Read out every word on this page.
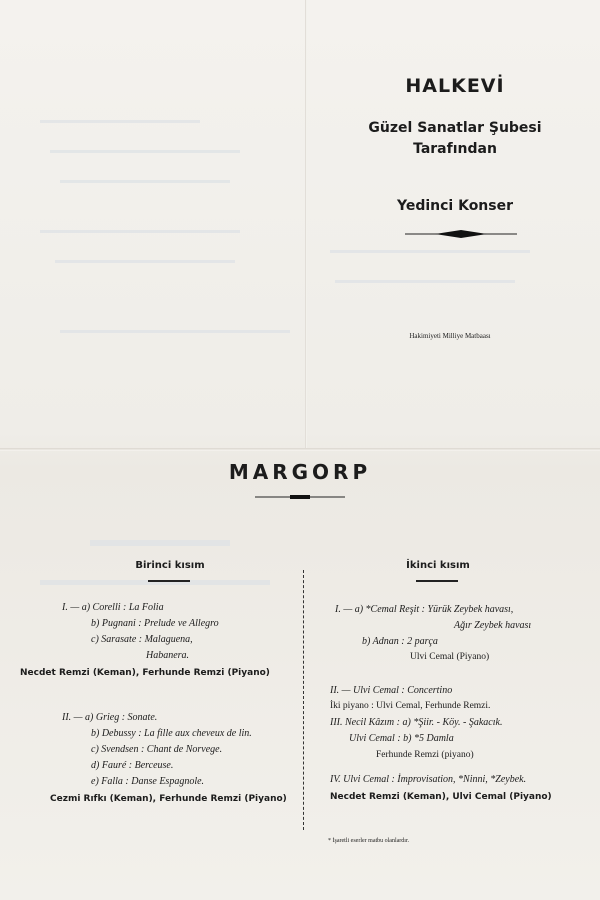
HALKEVİ
Güzel Sanatlar Şubesi
Tarafından
Yedinci Konser
Hakimiyeti Milliye Matbaası
MARGORP
Birinci kısım
I. — a) Corelli : La Folia
b) Pugnani : Prelude ve Allegro
c) Sarasate : Malaguena,
Habanera.
Necdet Remzi (Keman), Ferhunde Remzi (Piyano)
II. — a) Grieg : Sonate.
b) Debussy : La fille aux cheveux de lin.
c) Svendsen : Chant de Norvege.
d) Fauré : Berceuse.
e) Falla : Danse Espagnole.
Cezmi Rıfkı (Keman), Ferhunde Remzi (Piyano)
İkinci kısım
I. — a) *Cemal Reşit : Yürük Zeybek havası,
Ağır Zeybek havası
b) Adnan : 2 parça
Ulvi Cemal (Piyano)
II. — Ulvi Cemal : Concertino
İki piyano : Ulvi Cemal, Ferhunde Remzi.
III. Necil Kâzım : a) *Şiir. - Köy. - Şakacık.
Ulvi Cemal : b) *5 Damla
Ferhunde Remzi (piyano)
IV. Ulvi Cemal : İmprovisation, *Ninni, *Zeybek.
Necdet Remzi (Keman), Ulvi Cemal (Piyano)
* İşaretli eserler matbu olanlardır.
